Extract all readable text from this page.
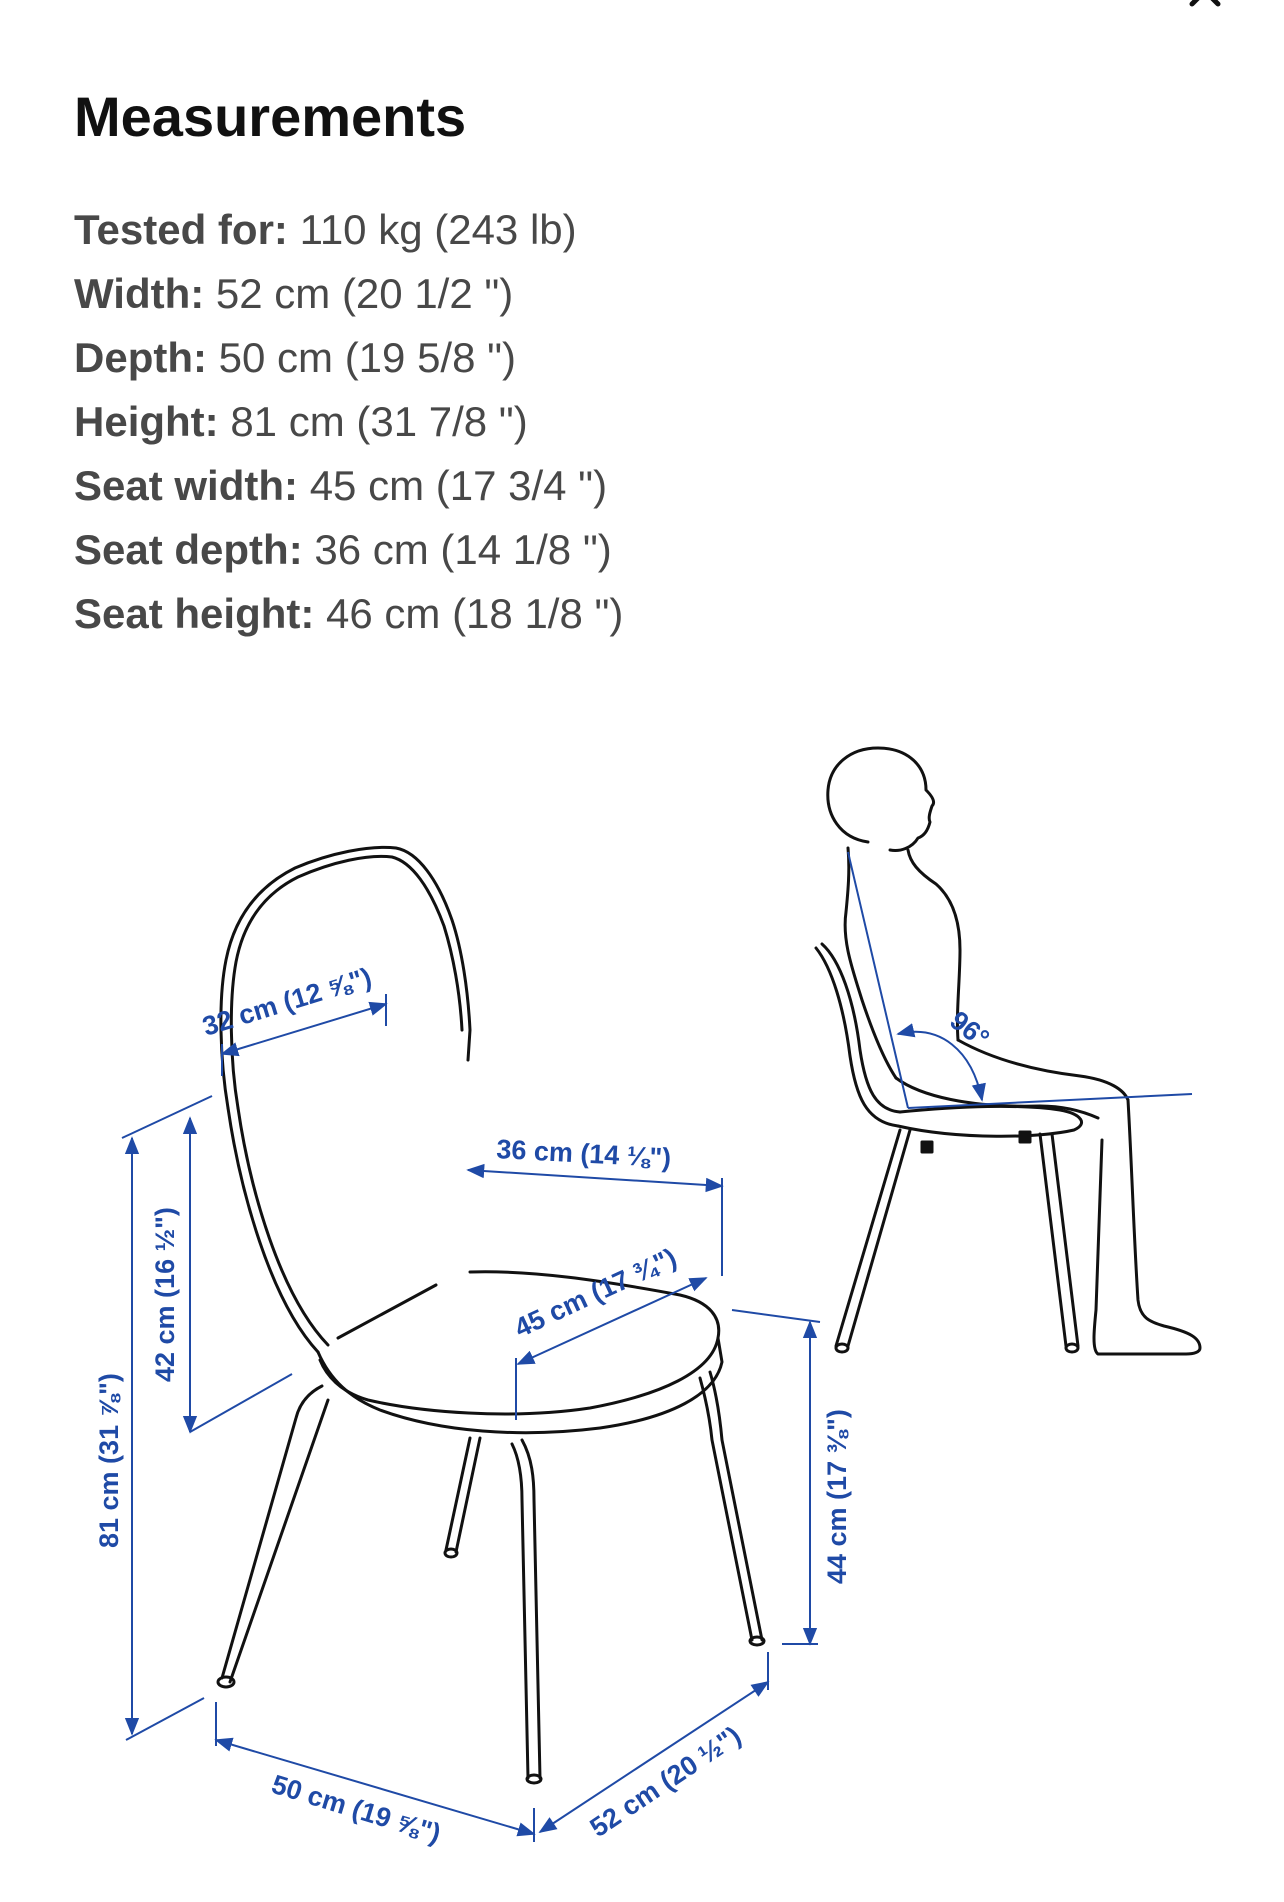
Measurements
Tested for: 110 kg (243 lb)
Width: 52 cm (20 1/2 ")
Depth: 50 cm (19 5/8 ")
Height: 81 cm (31 7/8 ")
Seat width: 45 cm (17 3/4 ")
Seat depth: 36 cm (14 1/8 ")
Seat height: 46 cm (18 1/8 ")
96°
32 cm (12 ⅝")
36 cm (14 ⅛")
45 cm (17 ¾")
81 cm (31 ⅞")
42 cm (16 ½")
44 cm (17 ⅜")
50 cm (19 ⅝")	52 cm (20 ½")
